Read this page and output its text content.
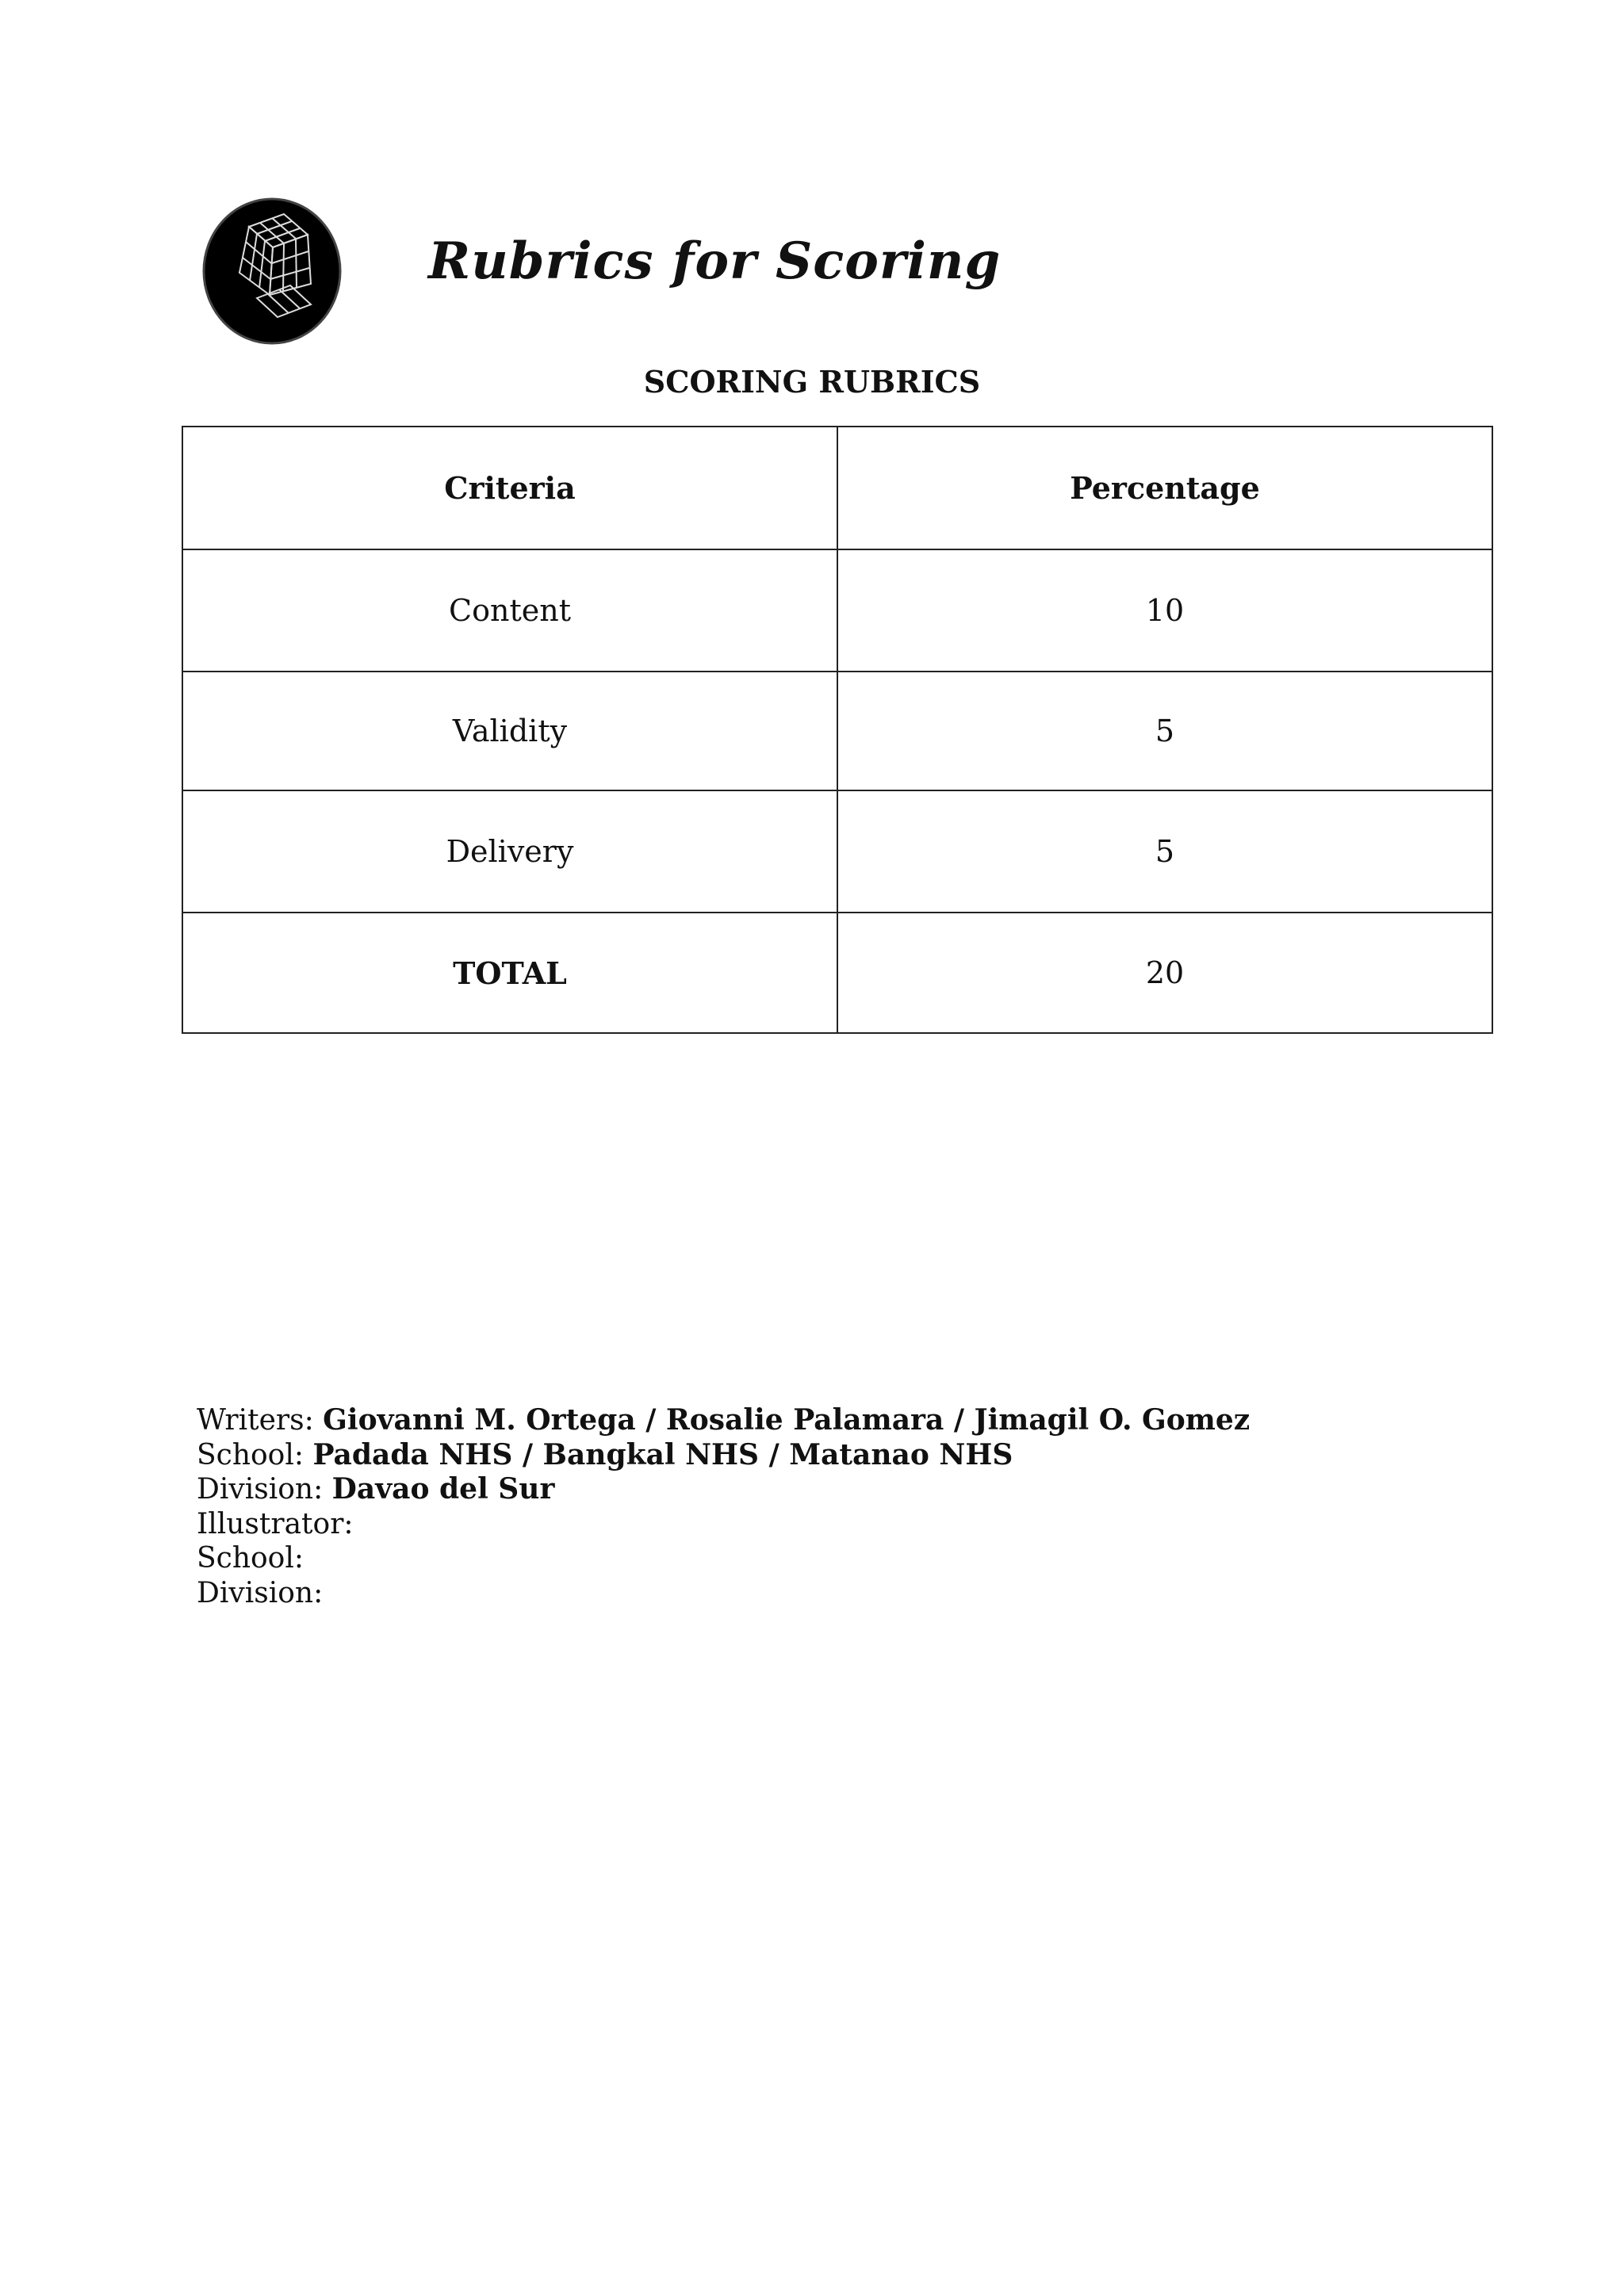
Rubrics for Scoring
SCORING RUBRICS
Criteria	Percentage
Content	10
Validity	5
Delivery	5
TOTAL	20
Writers: Giovanni M. Ortega / Rosalie Palamara / Jimagil O. Gomez
School: Padada NHS / Bangkal NHS / Matanao NHS
Division: Davao del Sur
Illustrator:
School:
Division:
